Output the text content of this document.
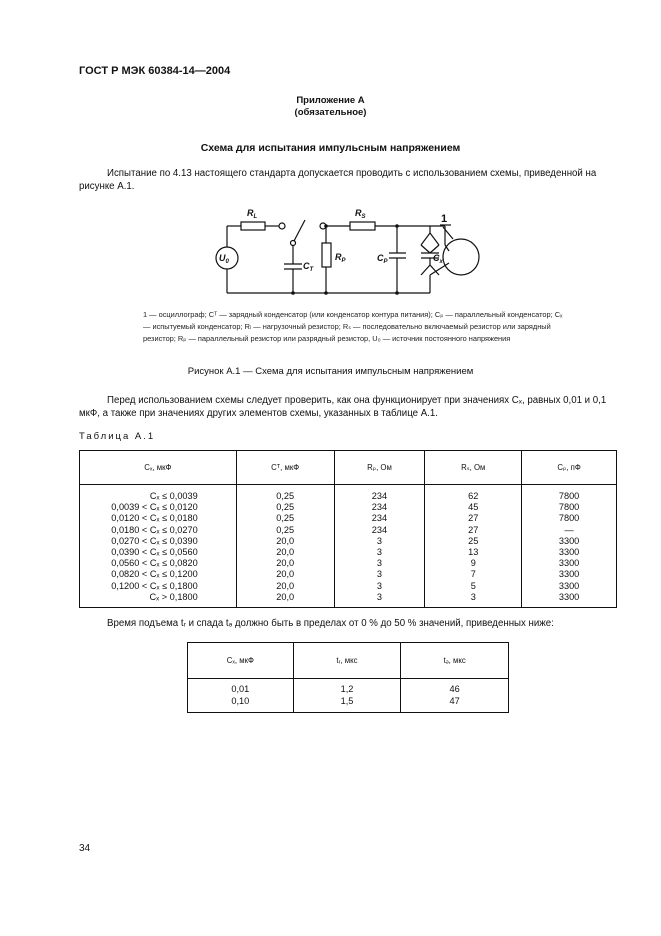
ГОСТ Р МЭК 60384-14—2004
Приложение А
(обязательное)
Схема для испытания импульсным напряжением
Испытание по 4.13 настоящего стандарта допускается проводить с использованием схемы, приведенной на рисунке А.1.
$U_0$
$R_L$	$R_S$
$R_P$	$C_P$
$C_T$
$C_x$
1
1 — осциллограф; Cᵀ — зарядный конденсатор (или конденсатор контура питания); Cₚ — параллельный конденсатор; Cₓ — испытуемый конденсатор; Rₗ — нагрузочный резистор; Rₛ — последовательно включаемый резистор или зарядный резистор; Rₚ — параллельный резистор или разрядный резистор, U₀ — источник постоянного напряжения
Рисунок А.1 — Схема для испытания импульсным напряжением
Перед использованием схемы следует проверить, как она функционирует при значениях Cₓ, равных 0,01 и 0,1 мкФ, а также при значениях других элементов схемы, указанных в таблице А.1.
Таблица А.1
Cₓ, мкФ	Cᵀ, мкФ	Rₚ, Ом	Rₛ, Ом	Cₚ, пФ
Cₓ ≤ 0,0039	0,25	234	62	7800
0,0039 < Cₓ ≤ 0,0120	0,25	234	45	7800
0,0120 < Cₓ ≤ 0,0180	0,25	234	27	7800
0,0180 < Cₓ ≤ 0,0270	0,25	234	27	—
0,0270 < Cₓ ≤ 0,0390	20,0	3	25	3300
0,0390 < Cₓ ≤ 0,0560	20,0	3	13	3300
0,0560 < Cₓ ≤ 0,0820	20,0	3	9	3300
0,0820 < Cₓ ≤ 0,1200	20,0	3	7	3300
0,1200 < Cₓ ≤ 0,1800	20,0	3	5	3300
Cₓ > 0,1800	20,0	3	3	3300
Время подъема tᵣ и спада tₔ должно быть в пределах от 0 % до 50 % значений, приведенных ниже:
Cₓ, мкФ	tᵣ, мкс	tₔ, мкс
0,01	1,2	46
0,10	1,5	47
34
